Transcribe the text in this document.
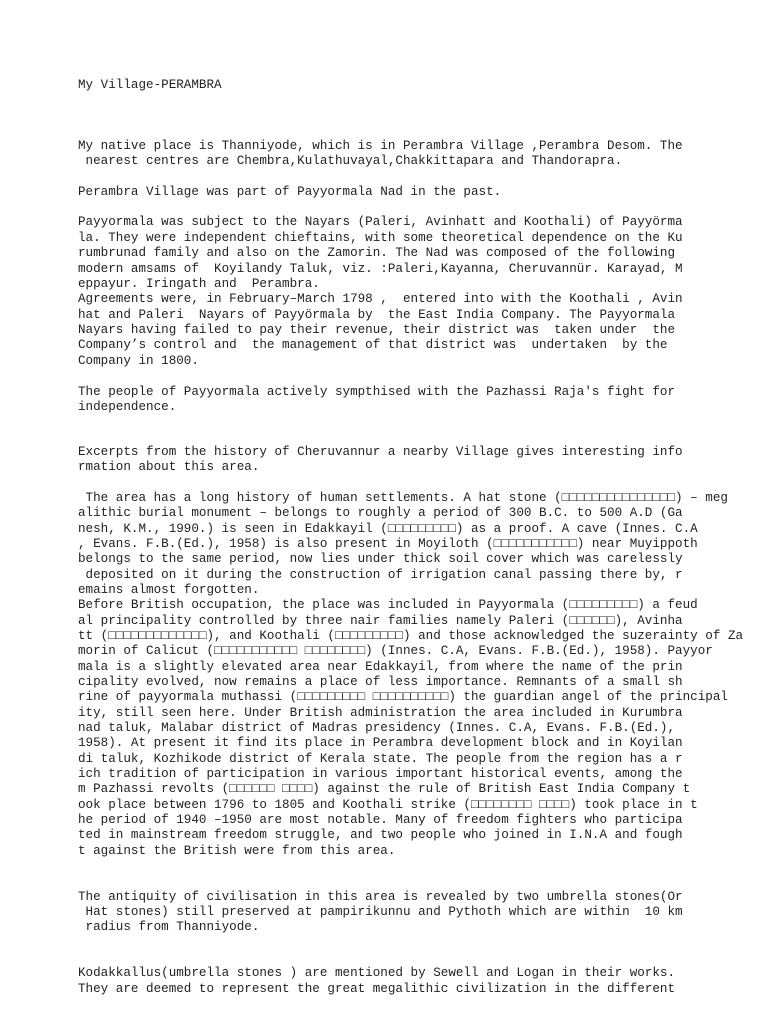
My Village-PERAMBRA

My native place is Thanniyode, which is in Perambra Village ,Perambra Desom. The

nearest centres are Chembra,Kulathuvayal,Chakkittapara and Thandorapra.

Perambra Village was part of Payyormala Nad in the past.

Payyormala was subject to the Nayars (Paleri, Avinhatt and Koothali) of Payyörma

la. They were independent chieftains, with some theoretical dependence on the Ku

rumbrunad family and also on the Zamorin. The Nad was composed of the following

modern amsams of  Koyilandy Taluk, viz. :Paleri,Kayanna, Cheruvannür. Karayad, M

eppayur. Iringath and  Perambra.

Agreements were, in February–March 1798 ,  entered into with the Koothali , Avin

hat and Paleri  Nayars of Payyörmala by  the East India Company. The Payyormala

Nayars having failed to pay their revenue, their district was  taken under  the

Company’s control and  the management of that district was  undertaken  by the

Company in 1800.

The people of Payyormala actively sympthised with the Pazhassi Raja's fight for

independence.

Excerpts from the history of Cheruvannur a nearby Village gives interesting info

rmation about this area.

The area has a long history of human settlements. A hat stone (□□□□□□□□□□□□□□□) – meg

alithic burial monument – belongs to roughly a period of 300 B.C. to 500 A.D (Ga

nesh, K.M., 1990.) is seen in Edakkayil (□□□□□□□□□) as a proof. A cave (Innes. C.A

, Evans. F.B.(Ed.), 1958) is also present in Moyiloth (□□□□□□□□□□□) near Muyippoth

belongs to the same period, now lies under thick soil cover which was carelessly

deposited on it during the construction of irrigation canal passing there by, r

emains almost forgotten.

Before British occupation, the place was included in Payyormala (□□□□□□□□□) a feud

al principality controlled by three nair families namely Paleri (□□□□□□), Avinha

tt (□□□□□□□□□□□□□), and Koothali (□□□□□□□□□) and those acknowledged the suzerainty of Za

morin of Calicut (□□□□□□□□□□□ □□□□□□□□) (Innes. C.A, Evans. F.B.(Ed.), 1958). Payyor

mala is a slightly elevated area near Edakkayil, from where the name of the prin

cipality evolved, now remains a place of less importance. Remnants of a small sh

rine of payyormala muthassi (□□□□□□□□□ □□□□□□□□□□) the guardian angel of the principal

ity, still seen here. Under British administration the area included in Kurumbra

nad taluk, Malabar district of Madras presidency (Innes. C.A, Evans. F.B.(Ed.),

1958). At present it find its place in Perambra development block and in Koyilan

di taluk, Kozhikode district of Kerala state. The people from the region has a r

ich tradition of participation in various important historical events, among the

m Pazhassi revolts (□□□□□□ □□□□) against the rule of British East India Company t

ook place between 1796 to 1805 and Koothali strike (□□□□□□□□ □□□□) took place in t

he period of 1940 –1950 are most notable. Many of freedom fighters who participa

ted in mainstream freedom struggle, and two people who joined in I.N.A and fough

t against the British were from this area.

The antiquity of civilisation in this area is revealed by two umbrella stones(Or

Hat stones) still preserved at pampirikunnu and Pythoth which are within  10 km

radius from Thanniyode.

Kodakkallus(umbrella stones ) are mentioned by Sewell and Logan in their works.

They are deemed to represent the great megalithic civilization in the different
